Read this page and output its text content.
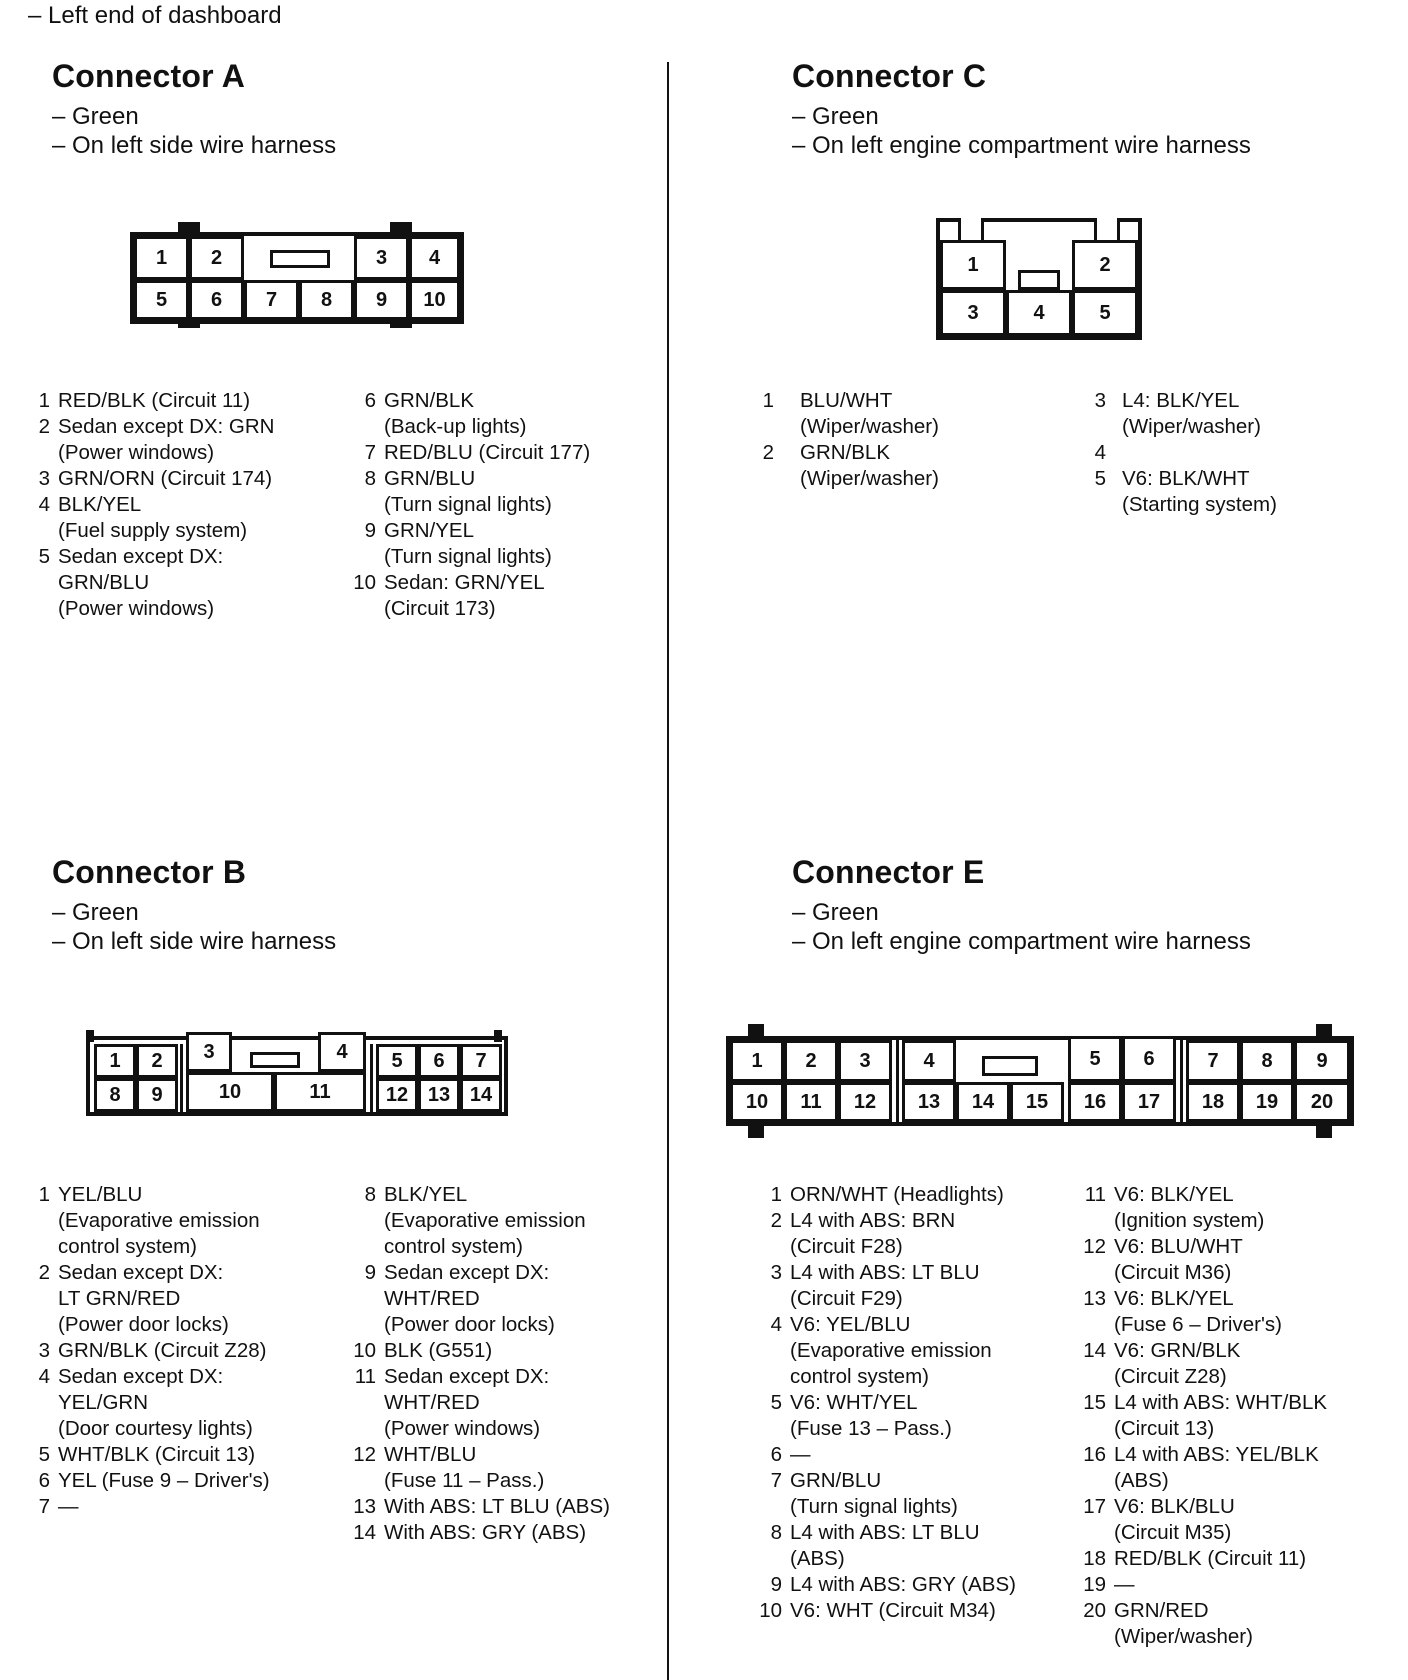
– Left end of dashboard
Connector A
– Green
– On left side wire harness
1	2	3	4
5	6	7	8	9	10
1 RED/BLK (Circuit 11)
2 Sedan except DX: GRN
(Power windows)
3 GRN/ORN (Circuit 174)
4 BLK/YEL
(Fuel supply system)
5 Sedan except DX:
GRN/BLU
(Power windows)
6 GRN/BLK
(Back-up lights)
7 RED/BLU (Circuit 177)
8 GRN/BLU
(Turn signal lights)
9 GRN/YEL
(Turn signal lights)
10 Sedan: GRN/YEL
(Circuit 173)
Connector C
– Green
– On left engine compartment wire harness
1	2
3	4	5
1	BLU/WHT
(Wiper/washer)
2	GRN/BLK
(Wiper/washer)
3 L4: BLK/YEL
(Wiper/washer)
4
5 V6: BLK/WHT
(Starting system)
Connector B
– Green
– On left side wire harness
1	2	3	4	5	6	7
8	9	10	11	12 13 14
1 YEL/BLU
(Evaporative emission
control system)
2 Sedan except DX:
LT GRN/RED
(Power door locks)
3 GRN/BLK (Circuit Z28)
4 Sedan except DX:
YEL/GRN
(Door courtesy lights)
5 WHT/BLK (Circuit 13)
6 YEL (Fuse 9 – Driver's)
7 —
8 BLK/YEL
(Evaporative emission
control system)
9 Sedan except DX:
WHT/RED
(Power door locks)
10 BLK (G551)
11 Sedan except DX:
WHT/RED
(Power windows)
12 WHT/BLU
(Fuse 11 – Pass.)
13 With ABS: LT BLU (ABS)
14 With ABS: GRY (ABS)
Connector E
– Green
– On left engine compartment wire harness
1	2	3	4	5	6	7	8	9
10	11	12	13	14	15	16	17	18	19	20
1 ORN/WHT (Headlights)
2 L4 with ABS: BRN
(Circuit F28)
3 L4 with ABS: LT BLU
(Circuit F29)
4 V6: YEL/BLU
(Evaporative emission
control system)
5 V6: WHT/YEL
(Fuse 13 – Pass.)
6 —
7 GRN/BLU
(Turn signal lights)
8 L4 with ABS: LT BLU
(ABS)
9 L4 with ABS: GRY (ABS)
10 V6: WHT (Circuit M34)
11 V6: BLK/YEL
(Ignition system)
12 V6: BLU/WHT
(Circuit M36)
13 V6: BLK/YEL
(Fuse 6 – Driver's)
14 V6: GRN/BLK
(Circuit Z28)
15 L4 with ABS: WHT/BLK
(Circuit 13)
16 L4 with ABS: YEL/BLK
(ABS)
17 V6: BLK/BLU
(Circuit M35)
18 RED/BLK (Circuit 11)
19 —
20 GRN/RED
(Wiper/washer)
